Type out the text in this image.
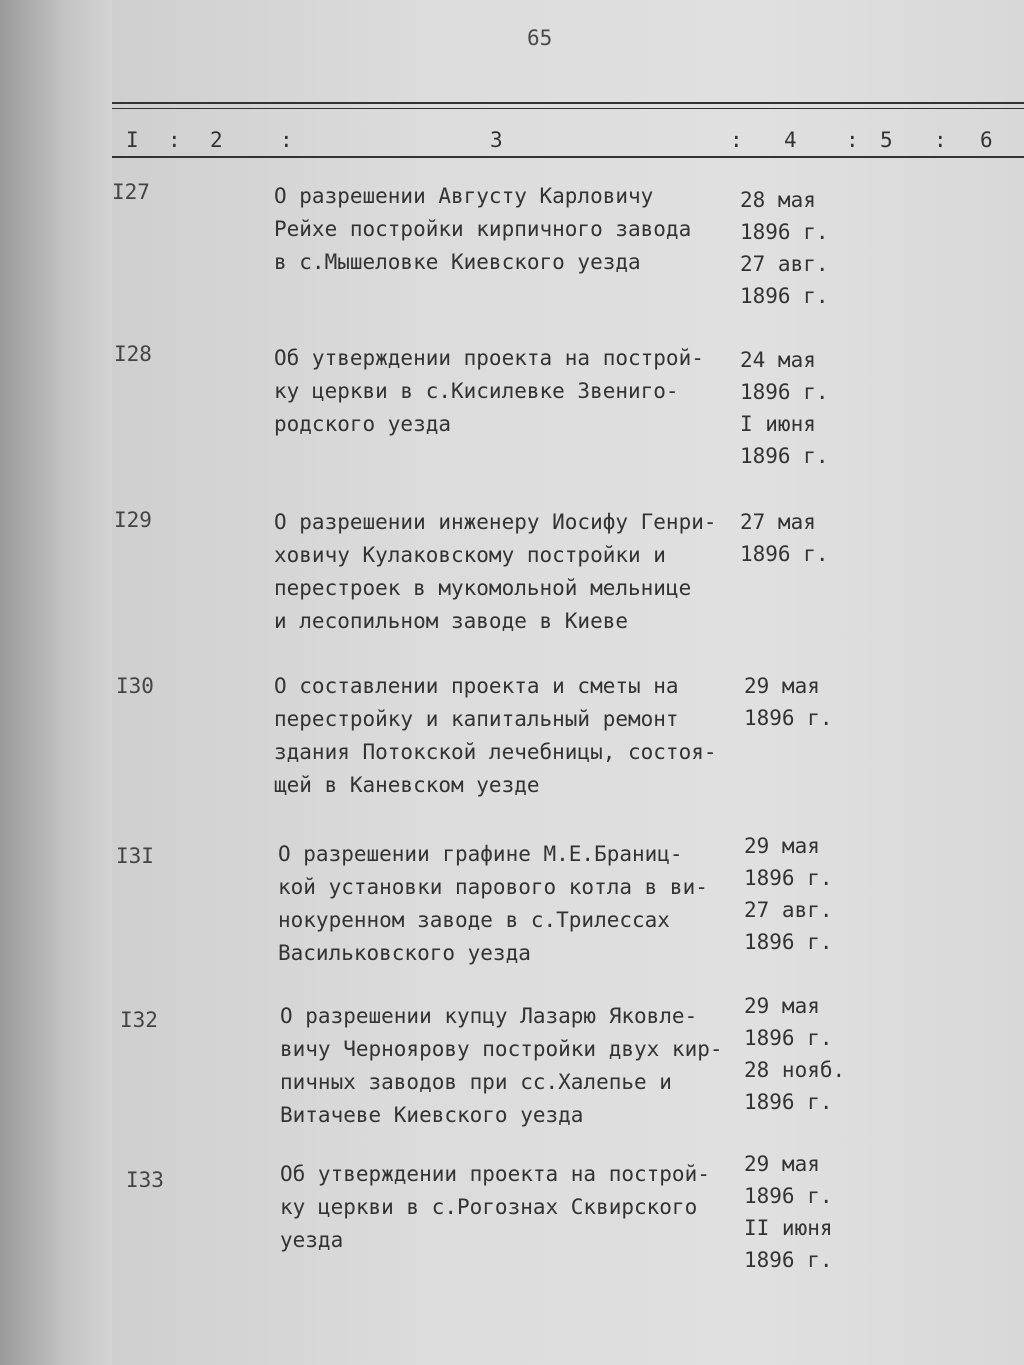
65
I : 2	:	3	: 4 : 5 : 6
I27	О разрешении Августу Карловичу
Рейхе постройки кирпичного завода
в с.Мышеловке Киевского уезда
28 мая
1896 г.
27 авг.
1896 г.
I28	Об утверждении проекта на построй-
ку церкви в с.Кисилевке Звениго-
родского уезда
24 мая
1896 г.
I июня
1896 г.
I29	О разрешении инженеру Иосифу Генри-
ховичу Кулаковскому постройки и
перестроек в мукомольной мельнице
и лесопильном заводе в Киеве
27 мая
1896 г.
I30	О составлении проекта и сметы на
перестройку и капитальный ремонт
здания Потокской лечебницы, состоя-
щей в Каневском уезде
29 мая
1896 г.
I3I	О разрешении графине М.Е.Браниц-
кой установки парового котла в ви-
нокуренном заводе в с.Трилессах
Васильковского уезда
29 мая
1896 г.
27 авг.
1896 г.
I32	О разрешении купцу Лазарю Яковле-
вичу Черноярову постройки двух кир-
пичных заводов при сс.Халепье и
Витачеве Киевского уезда
29 мая
1896 г.
28 нояб.
1896 г.
I33	Об утверждении проекта на построй-
ку церкви в с.Рогознах Сквирского
уезда
29 мая
1896 г.
II июня
1896 г.
